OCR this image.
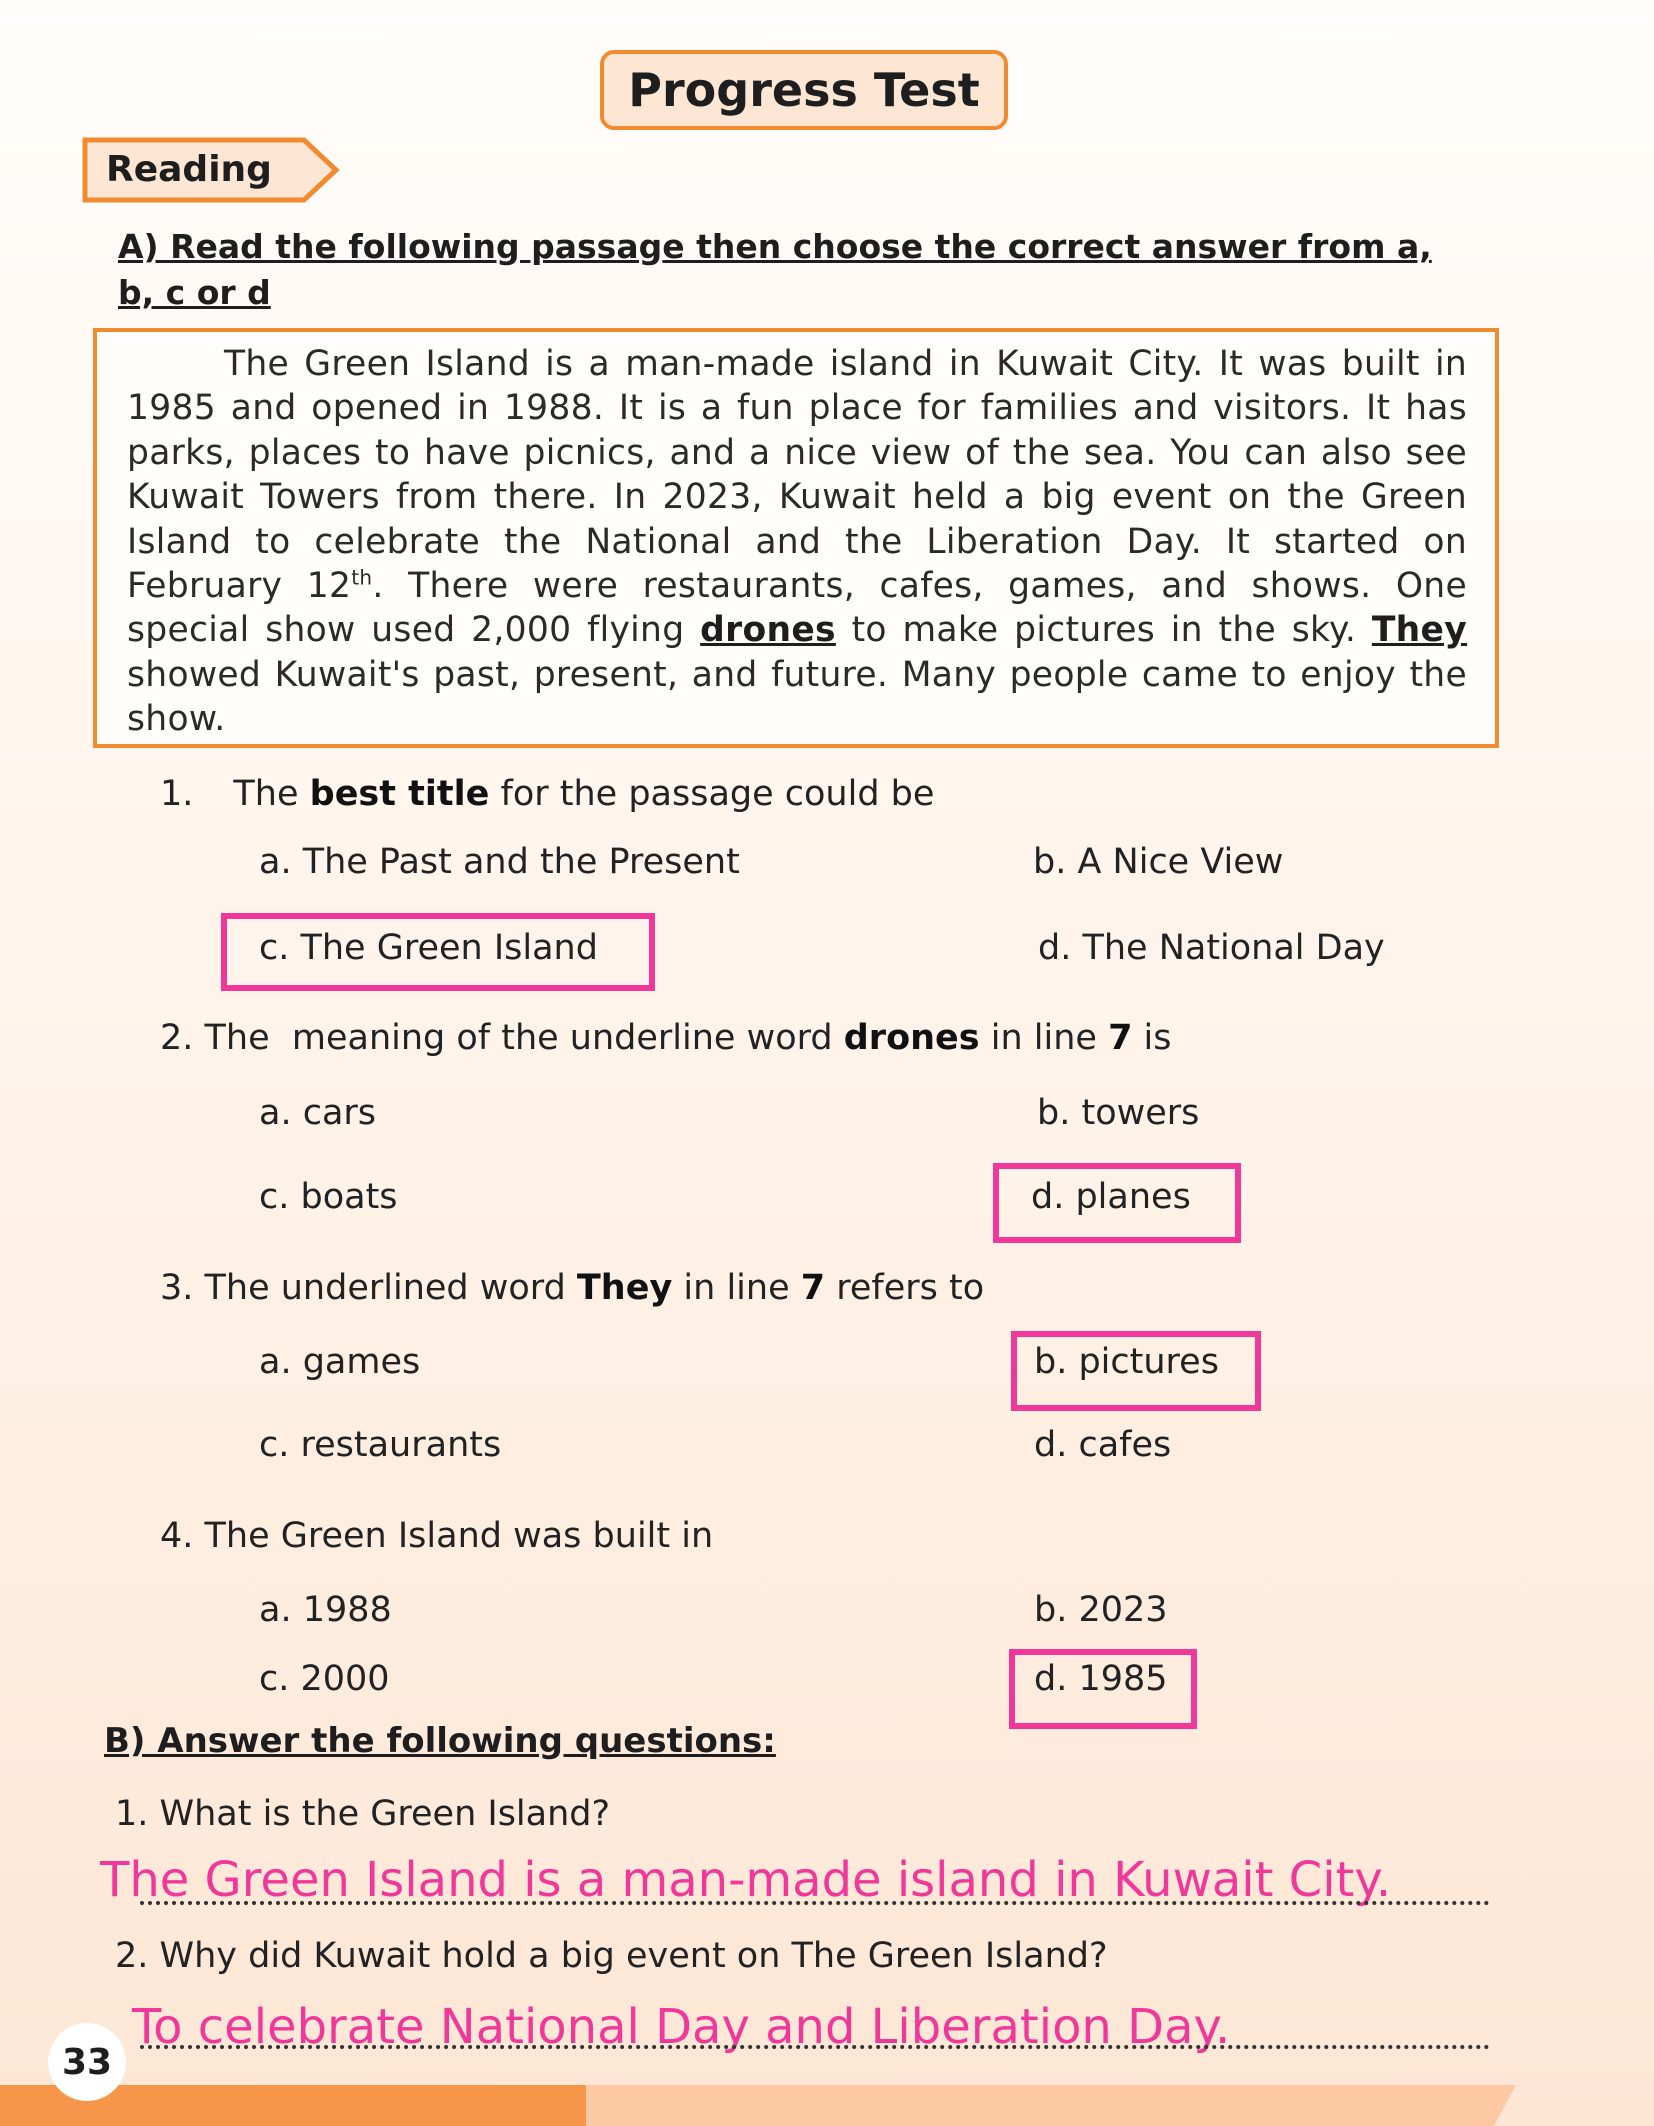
Progress Test
Reading
A) Read the following passage then choose the correct answer from a,
b, c or d

The Green Island is a man-made island in Kuwait City. It was built in 1985 and opened in 1988. It is a fun place for families and visitors. It has parks, places to have picnics, and a nice view of the sea. You can also see Kuwait Towers from there. In 2023, Kuwait held a big event on the Green Island to celebrate the National and the Liberation Day. It started on February 12th. There were restaurants, cafes, games, and shows. One special show used 2,000 flying drones to make pictures in the sky. They showed Kuwait's past, present, and future. Many people came to enjoy the show.

1. The best title for the passage could be
a. The Past and the Present	b. A Nice View
c. The Green Island	d. The National Day
2. The  meaning of the underline word drones in line 7 is
a. cars	b. towers
c. boats	d. planes
3. The underlined word They in line 7 refers to
a. games	b. pictures
c. restaurants	d. cafes
4. The Green Island was built in
a. 1988	b. 2023
c. 2000	d. 1985
B) Answer the following questions:
1. What is the Green Island?
The Green Island is a man-made island in Kuwait City.
2. Why did Kuwait hold a big event on The Green Island?
To celebrate National Day and Liberation Day.
33
